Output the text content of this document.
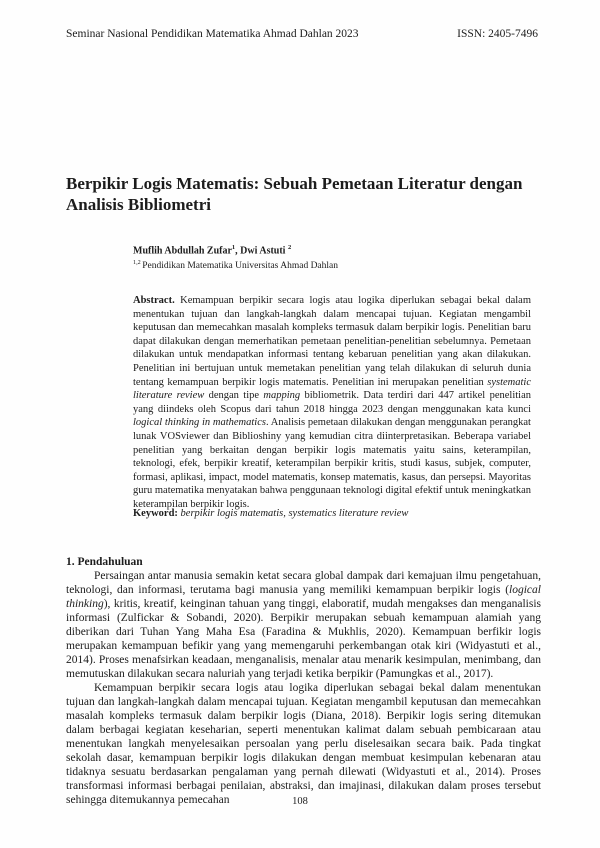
Seminar Nasional Pendidikan Matematika Ahmad Dahlan 2023	ISSN: 2405-7496
Berpikir Logis Matematis: Sebuah Pemetaan Literatur dengan Analisis Bibliometri
Muflih Abdullah Zufar$^1$, Dwi Astuti $^2$
$^{1,2}$ Pendidikan Matematika Universitas Ahmad Dahlan

Abstract. Kemampuan berpikir secara logis atau logika diperlukan sebagai bekal dalam menentukan tujuan dan langkah-langkah dalam mencapai tujuan. Kegiatan mengambil keputusan dan memecahkan masalah kompleks termasuk dalam berpikir logis. Penelitian baru dapat dilakukan dengan memerhatikan pemetaan penelitian-penelitian sebelumnya. Pemetaan dilakukan untuk mendapatkan informasi tentang kebaruan penelitian yang akan dilakukan. Penelitian ini bertujuan untuk memetakan penelitian yang telah dilakukan di seluruh dunia tentang kemampuan berpikir logis matematis. Penelitian ini merupakan penelitian systematic literature review dengan tipe mapping bibliometrik. Data terdiri dari 447 artikel penelitian yang diindeks oleh Scopus dari tahun 2018 hingga 2023 dengan menggunakan kata kunci logical thinking in mathematics. Analisis pemetaan dilakukan dengan menggunakan perangkat lunak VOSviewer dan Biblioshiny yang kemudian citra diinterpretasikan. Beberapa variabel penelitian yang berkaitan dengan berpikir logis matematis yaitu sains, keterampilan, teknologi, efek, berpikir kreatif, keterampilan berpikir kritis, studi kasus, subjek, computer, formasi, aplikasi, impact, model matematis, konsep matematis, kasus, dan persepsi. Mayoritas guru matematika menyatakan bahwa penggunaan teknologi digital efektif untuk meningkatkan keterampilan berpikir logis.

Keyword: berpikir logis matematis, systematics literature review

1. Pendahuluan

Persaingan antar manusia semakin ketat secara global dampak dari kemajuan ilmu pengetahuan, teknologi, dan informasi, terutama bagi manusia yang memiliki kemampuan berpikir logis (logical thinking), kritis, kreatif, keinginan tahuan yang tinggi, elaboratif, mudah mengakses dan menganalisis informasi (Zulfickar & Sobandi, 2020). Berpikir merupakan sebuah kemampuan alamiah yang diberikan dari Tuhan Yang Maha Esa (Faradina & Mukhlis, 2020). Kemampuan berfikir logis merupakan kemampuan befikir yang yang memengaruhi perkembangan otak kiri (Widyastuti et al., 2014). Proses menafsirkan keadaan, menganalisis, menalar atau menarik kesimpulan, menimbang, dan memutuskan dilakukan secara naluriah yang terjadi ketika berpikir (Pamungkas et al., 2017).

Kemampuan berpikir secara logis atau logika diperlukan sebagai bekal dalam menentukan tujuan dan langkah-langkah dalam mencapai tujuan. Kegiatan mengambil keputusan dan memecahkan masalah kompleks termasuk dalam berpikir logis (Diana, 2018). Berpikir logis sering ditemukan dalam berbagai kegiatan keseharian, seperti menentukan kalimat dalam sebuah pembicaraan atau menentukan langkah menyelesaikan persoalan yang perlu diselesaikan secara baik. Pada tingkat sekolah dasar, kemampuan berpikir logis dilakukan dengan membuat kesimpulan kebenaran atau tidaknya sesuatu berdasarkan pengalaman yang pernah dilewati (Widyastuti et al., 2014). Proses transformasi informasi berbagai penilaian, abstraksi, dan imajinasi, dilakukan dalam proses tersebut sehingga ditemukannya pemecahan	108
